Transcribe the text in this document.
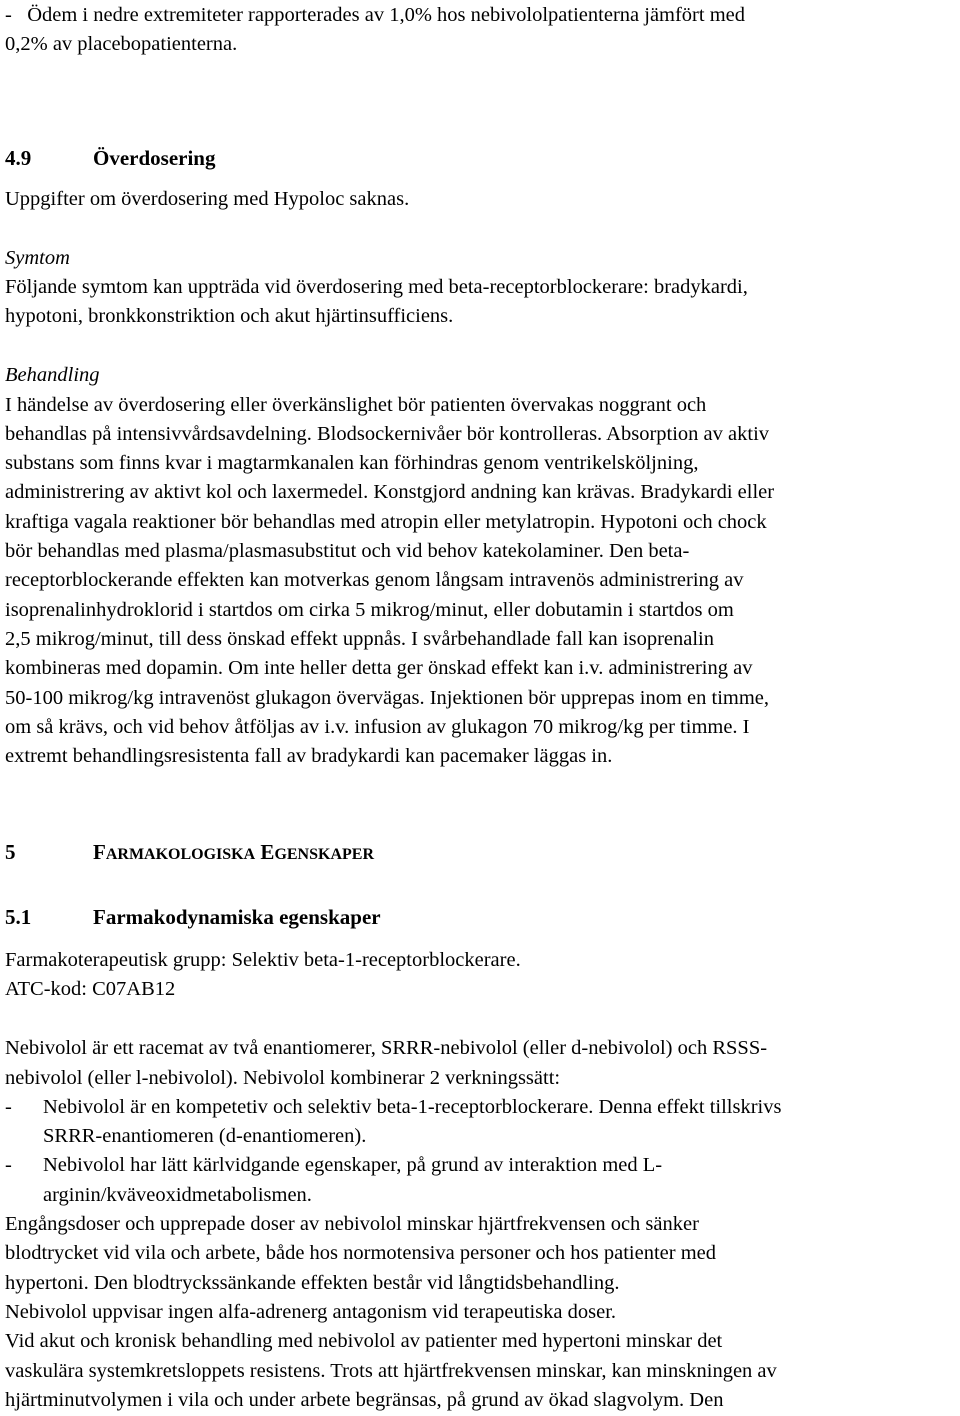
-   Ödem i nedre extremiteter rapporterades av 1,0% hos nebivololpatienterna jämfört med
0,2% av placebopatienterna.
4.9	Överdosering
Uppgifter om överdosering med Hypoloc saknas.
Symtom
Följande symtom kan uppträda vid överdosering med beta-receptorblockerare: bradykardi,
hypotoni, bronkkonstriktion och akut hjärtinsufficiens.
Behandling
I händelse av överdosering eller överkänslighet bör patienten övervakas noggrant och
behandlas på intensivvårdsavdelning. Blodsockernivåer bör kontrolleras. Absorption av aktiv
substans som finns kvar i magtarmkanalen kan förhindras genom ventrikelsköljning,
administrering av aktivt kol och laxermedel. Konstgjord andning kan krävas. Bradykardi eller
kraftiga vagala reaktioner bör behandlas med atropin eller metylatropin. Hypotoni och chock
bör behandlas med plasma/plasmasubstitut och vid behov katekolaminer. Den beta-
receptorblockerande effekten kan motverkas genom långsam intravenös administrering av
isoprenalinhydroklorid i startdos om cirka 5 mikrog/minut, eller dobutamin i startdos om
2,5 mikrog/minut, till dess önskad effekt uppnås. I svårbehandlade fall kan isoprenalin
kombineras med dopamin. Om inte heller detta ger önskad effekt kan i.v. administrering av
50-100 mikrog/kg intravenöst glukagon övervägas. Injektionen bör upprepas inom en timme,
om så krävs, och vid behov åtföljas av i.v. infusion av glukagon 70 mikrog/kg per timme. I
extremt behandlingsresistenta fall av bradykardi kan pacemaker läggas in.
5	FARMAKOLOGISKA EGENSKAPER
5.1	Farmakodynamiska egenskaper
Farmakoterapeutisk grupp: Selektiv beta-1-receptorblockerare.
ATC-kod: C07AB12
Nebivolol är ett racemat av två enantiomerer, SRRR-nebivolol (eller d-nebivolol) och RSSS-
nebivolol (eller l-nebivolol). Nebivolol kombinerar 2 verkningssätt:
- Nebivolol är en kompetetiv och selektiv beta-1-receptorblockerare. Denna effekt tillskrivs
SRRR-enantiomeren (d-enantiomeren).
- Nebivolol har lätt kärlvidgande egenskaper, på grund av interaktion med L-
arginin/kväveoxidmetabolismen.
Engångsdoser och upprepade doser av nebivolol minskar hjärtfrekvensen och sänker
blodtrycket vid vila och arbete, både hos normotensiva personer och hos patienter med
hypertoni. Den blodtryckssänkande effekten består vid långtidsbehandling.
Nebivolol uppvisar ingen alfa-adrenerg antagonism vid terapeutiska doser.
Vid akut och kronisk behandling med nebivolol av patienter med hypertoni minskar det
vaskulära systemkretsloppets resistens. Trots att hjärtfrekvensen minskar, kan minskningen av
hjärtminutvolymen i vila och under arbete begränsas, på grund av ökad slagvolym. Den
